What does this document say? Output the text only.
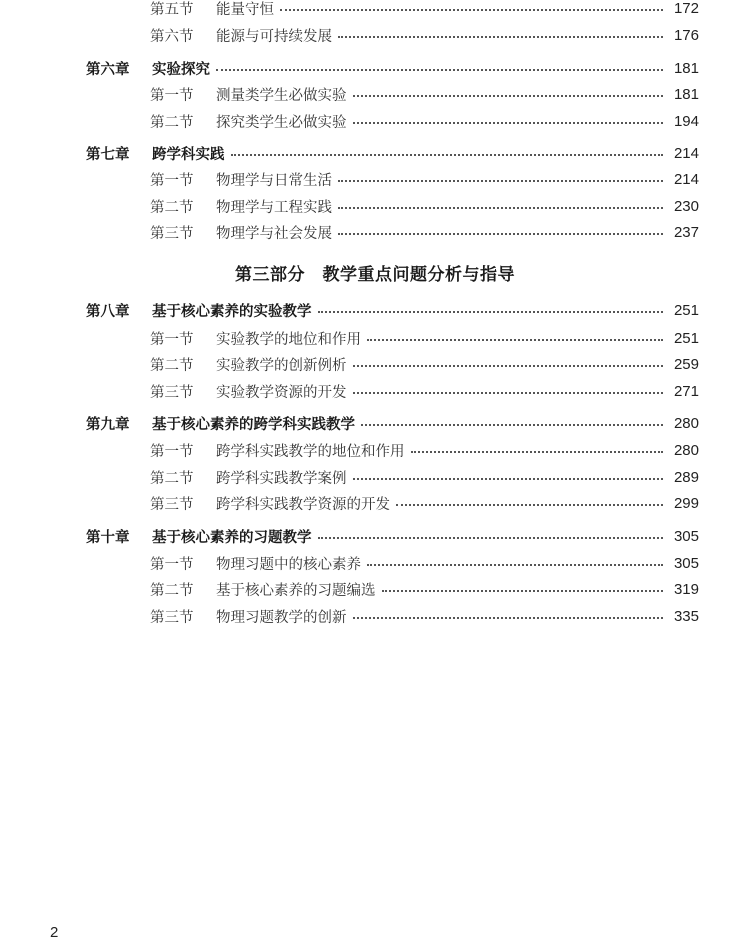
第五节 能量守恒	172
第六节 能源与可持续发展	176
第六章 实验探究	181
第一节 测量类学生必做实验	181
第二节 探究类学生必做实验	194
第七章 跨学科实践	214
第一节 物理学与日常生活	214
第二节 物理学与工程实践	230
第三节 物理学与社会发展	237
第三部分　教学重点问题分析与指导
第八章 基于核心素养的实验教学	251
第一节 实验教学的地位和作用	251
第二节 实验教学的创新例析	259
第三节 实验教学资源的开发	271
第九章 基于核心素养的跨学科实践教学	280
第一节 跨学科实践教学的地位和作用	280
第二节 跨学科实践教学案例	289
第三节 跨学科实践教学资源的开发	299
第十章 基于核心素养的习题教学	305
第一节 物理习题中的核心素养	305
第二节 基于核心素养的习题编选	319
第三节 物理习题教学的创新	335
2
